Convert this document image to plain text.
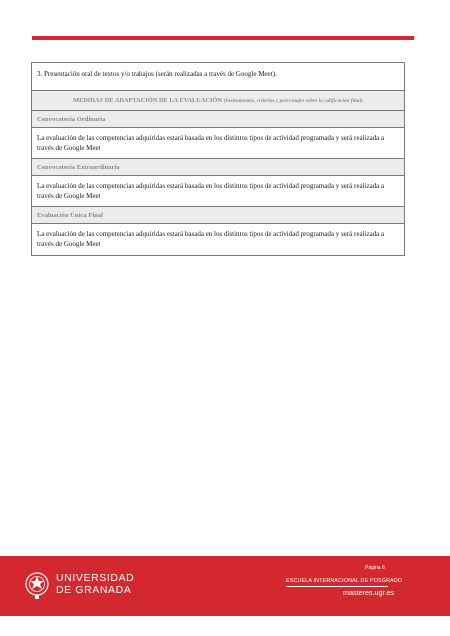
3. Presentación oral de textos y/o trabajos (serán realizadas a través de Google Meet).
MEDIDAS DE ADAPTACIÓN DE LA EVALUACIÓN (Instrumentos, criterios y porcentajes sobre la calificación final)
Convocatoria Ordinaria
La evaluación de las competencias adquiridas estará basada en los distintos tipos de actividad programada y será realizada a través de Google Meet
Convocatoria Extraordinaria
La evaluación de las competencias adquiridas estará basada en los distintos tipos de actividad programada y será realizada a través de Google Meet
Evaluación Única Final
La evaluación de las competencias adquiridas estará basada en los distintos tipos de actividad programada y será realizada a través de Google Meet
UNIVERSIDAD
DE GRANADA
Página 6
ESCUELA INTERNACIONAL DE POSGRADO
masteres.ugr.es
